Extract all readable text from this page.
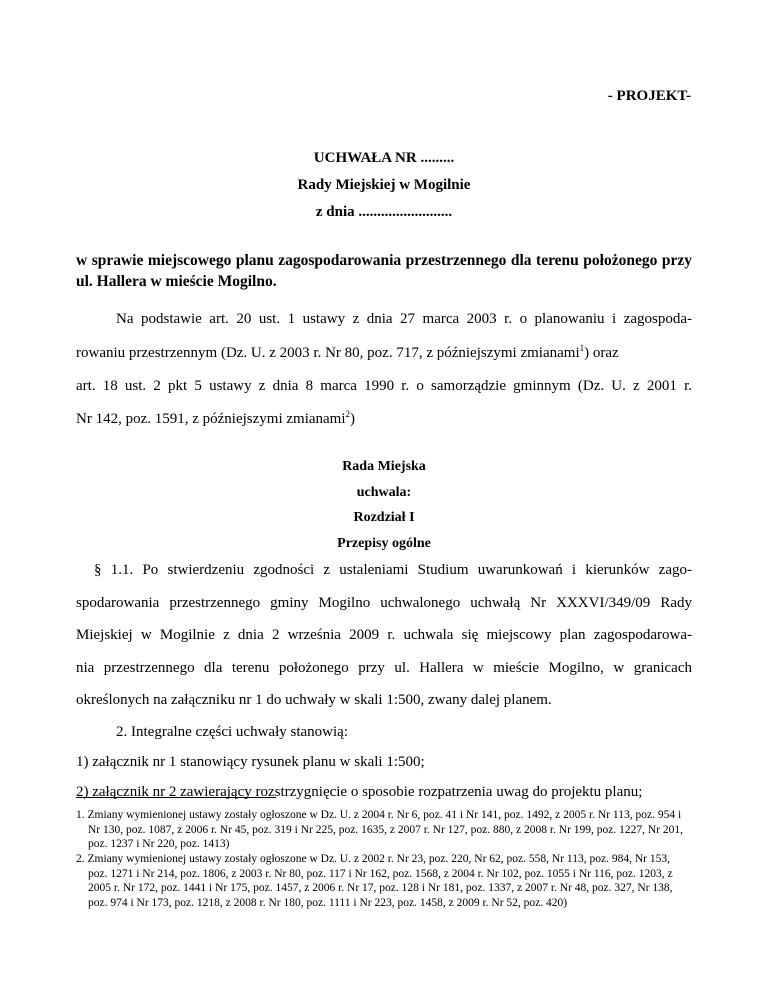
- PROJEKT-
UCHWAŁA NR .........
Rady Miejskiej w Mogilnie
z dnia .........................
w sprawie miejscowego planu zagospodarowania przestrzennego dla terenu położonego przy ul. Hallera w mieście Mogilno.
Na podstawie art. 20 ust. 1 ustawy z dnia 27 marca 2003 r. o planowaniu i zagospoda-
rowaniu przestrzennym (Dz. U. z 2003 r. Nr 80, poz. 717, z późniejszymi zmianami$^1$) oraz
art. 18 ust. 2 pkt 5 ustawy z dnia 8 marca 1990 r. o samorządzie gminnym (Dz. U. z 2001 r.
Nr 142, poz. 1591, z późniejszymi zmianami$^2$)
Rada Miejska
uchwala:
Rozdział I
Przepisy ogólne
§ 1.1. Po stwierdzeniu zgodności z ustaleniami Studium uwarunkowań i kierunków zago-
spodarowania przestrzennego gminy Mogilno uchwalonego uchwałą Nr XXXVI/349/09 Rady
Miejskiej w Mogilnie z dnia 2 września 2009 r. uchwala się miejscowy plan zagospodarowa-
nia przestrzennego dla terenu położonego przy ul. Hallera w mieście Mogilno, w granicach
określonych na załączniku nr 1 do uchwały w skali 1:500, zwany dalej planem.
2. Integralne części uchwały stanowią:
1) załącznik nr 1 stanowiący rysunek planu w skali 1:500;
2) załącznik nr 2 zawierający rozstrzygnięcie o sposobie rozpatrzenia uwag do projektu planu;
1. Zmiany wymienionej ustawy zostały ogłoszone w Dz. U. z 2004 r. Nr 6, poz. 41 i Nr 141, poz. 1492, z 2005 r. Nr 113, poz. 954 i Nr 130, poz. 1087, z 2006 r. Nr 45, poz. 319 i Nr 225, poz. 1635, z 2007 r. Nr 127, poz. 880, z 2008 r. Nr 199, poz. 1227, Nr 201, poz. 1237 i Nr 220, poz. 1413)
2. Zmiany wymienionej ustawy zostały ogłoszone w Dz. U. z 2002 r. Nr 23, poz. 220, Nr 62, poz. 558, Nr 113, poz. 984, Nr 153, poz. 1271 i Nr 214, poz. 1806, z 2003 r. Nr 80, poz. 117 i Nr 162, poz. 1568, z 2004 r. Nr 102, poz. 1055 i Nr 116, poz. 1203, z 2005 r. Nr 172, poz. 1441 i Nr 175, poz. 1457, z 2006 r. Nr 17, poz. 128 i Nr 181, poz. 1337, z 2007 r. Nr 48, poz. 327, Nr 138, poz. 974 i Nr 173, poz. 1218, z 2008 r. Nr 180, poz. 1111 i Nr 223, poz. 1458, z 2009 r. Nr 52, poz. 420)
